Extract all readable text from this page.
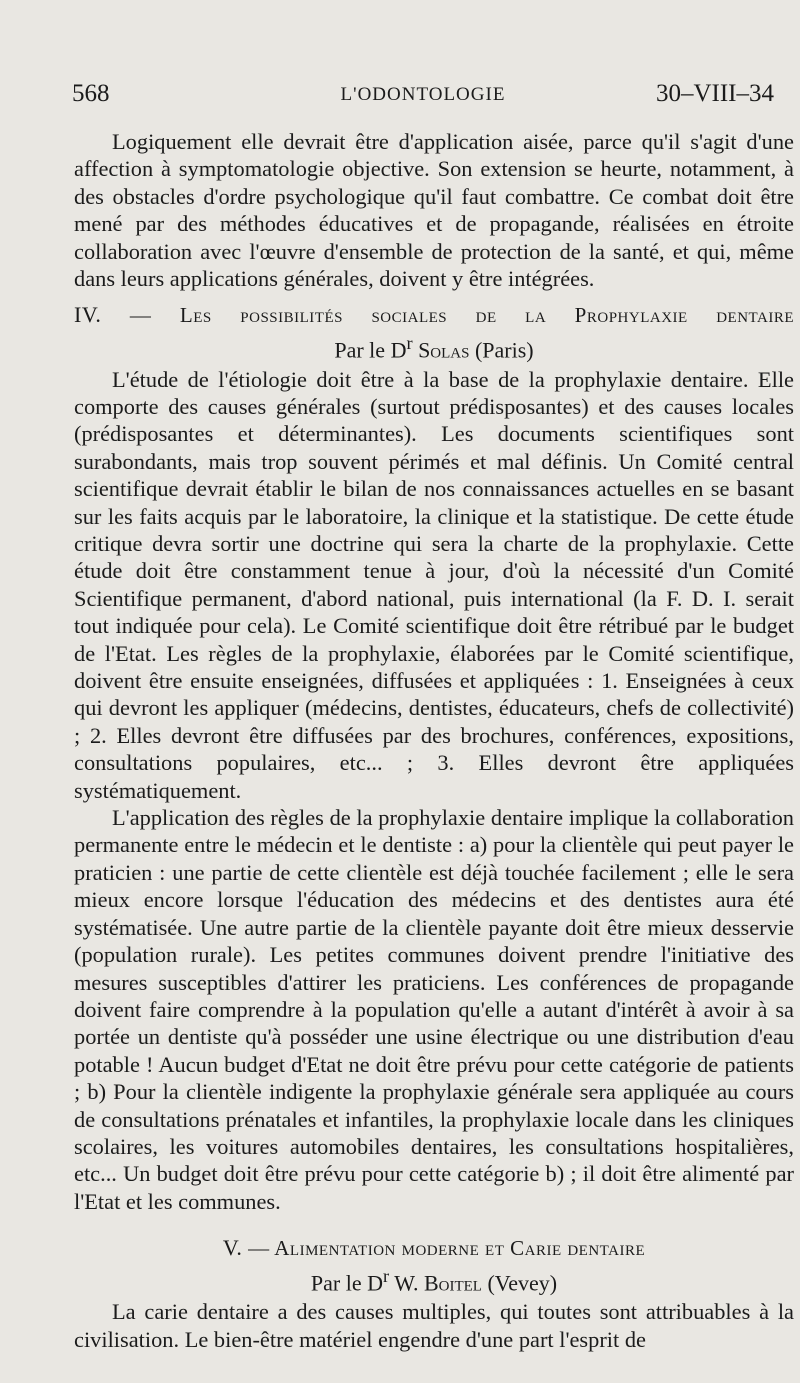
568	L'ODONTOLOGIE	30–VIII–34

Logiquement elle devrait être d'application aisée, parce qu'il s'agit d'une affection à symptomatologie objective. Son extension se heurte, notamment, à des obstacles d'ordre psychologique qu'il faut combattre. Ce combat doit être mené par des méthodes éducatives et de propagande, réalisées en étroite collaboration avec l'œuvre d'ensemble de protection de la santé, et qui, même dans leurs applications générales, doivent y être intégrées.

IV. — Les possibilités sociales de la Prophylaxie dentaire
Par le $D^r$ Solas (Paris)

L'étude de l'étiologie doit être à la base de la prophylaxie dentaire. Elle comporte des causes générales (surtout prédisposantes) et des causes locales (prédisposantes et déterminantes). Les documents scientifiques sont surabondants, mais trop souvent périmés et mal définis. Un Comité central scientifique devrait établir le bilan de nos connaissances actuelles en se basant sur les faits acquis par le laboratoire, la clinique et la statistique. De cette étude critique devra sortir une doctrine qui sera la charte de la prophylaxie. Cette étude doit être constamment tenue à jour, d'où la nécessité d'un Comité Scientifique permanent, d'abord national, puis international (la F. D. I. serait tout indiquée pour cela). Le Comité scientifique doit être rétribué par le budget de l'Etat. Les règles de la prophylaxie, élaborées par le Comité scientifique, doivent être ensuite enseignées, diffusées et appliquées : 1. Enseignées à ceux qui devront les appliquer (médecins, dentistes, éducateurs, chefs de collectivité) ; 2. Elles devront être diffusées par des brochures, conférences, expositions, consultations populaires, etc... ; 3. Elles devront être appliquées systématiquement.

L'application des règles de la prophylaxie dentaire implique la collaboration permanente entre le médecin et le dentiste : a) pour la clientèle qui peut payer le praticien : une partie de cette clientèle est déjà touchée facilement ; elle le sera mieux encore lorsque l'éducation des médecins et des dentistes aura été systématisée. Une autre partie de la clientèle payante doit être mieux desservie (population rurale). Les petites communes doivent prendre l'initiative des mesures susceptibles d'attirer les praticiens. Les conférences de propagande doivent faire comprendre à la population qu'elle a autant d'intérêt à avoir à sa portée un dentiste qu'à posséder une usine électrique ou une distribution d'eau potable ! Aucun budget d'Etat ne doit être prévu pour cette catégorie de patients ; b) Pour la clientèle indigente la prophylaxie générale sera appliquée au cours de consultations prénatales et infantiles, la prophylaxie locale dans les cliniques scolaires, les voitures automobiles dentaires, les consultations hospitalières, etc... Un budget doit être prévu pour cette catégorie b) ; il doit être alimenté par l'Etat et les communes.

V. — Alimentation moderne et Carie dentaire
Par le $D^r$ W. Boitel (Vevey)

La carie dentaire a des causes multiples, qui toutes sont attribuables à la civilisation. Le bien-être matériel engendre d'une part l'esprit de
